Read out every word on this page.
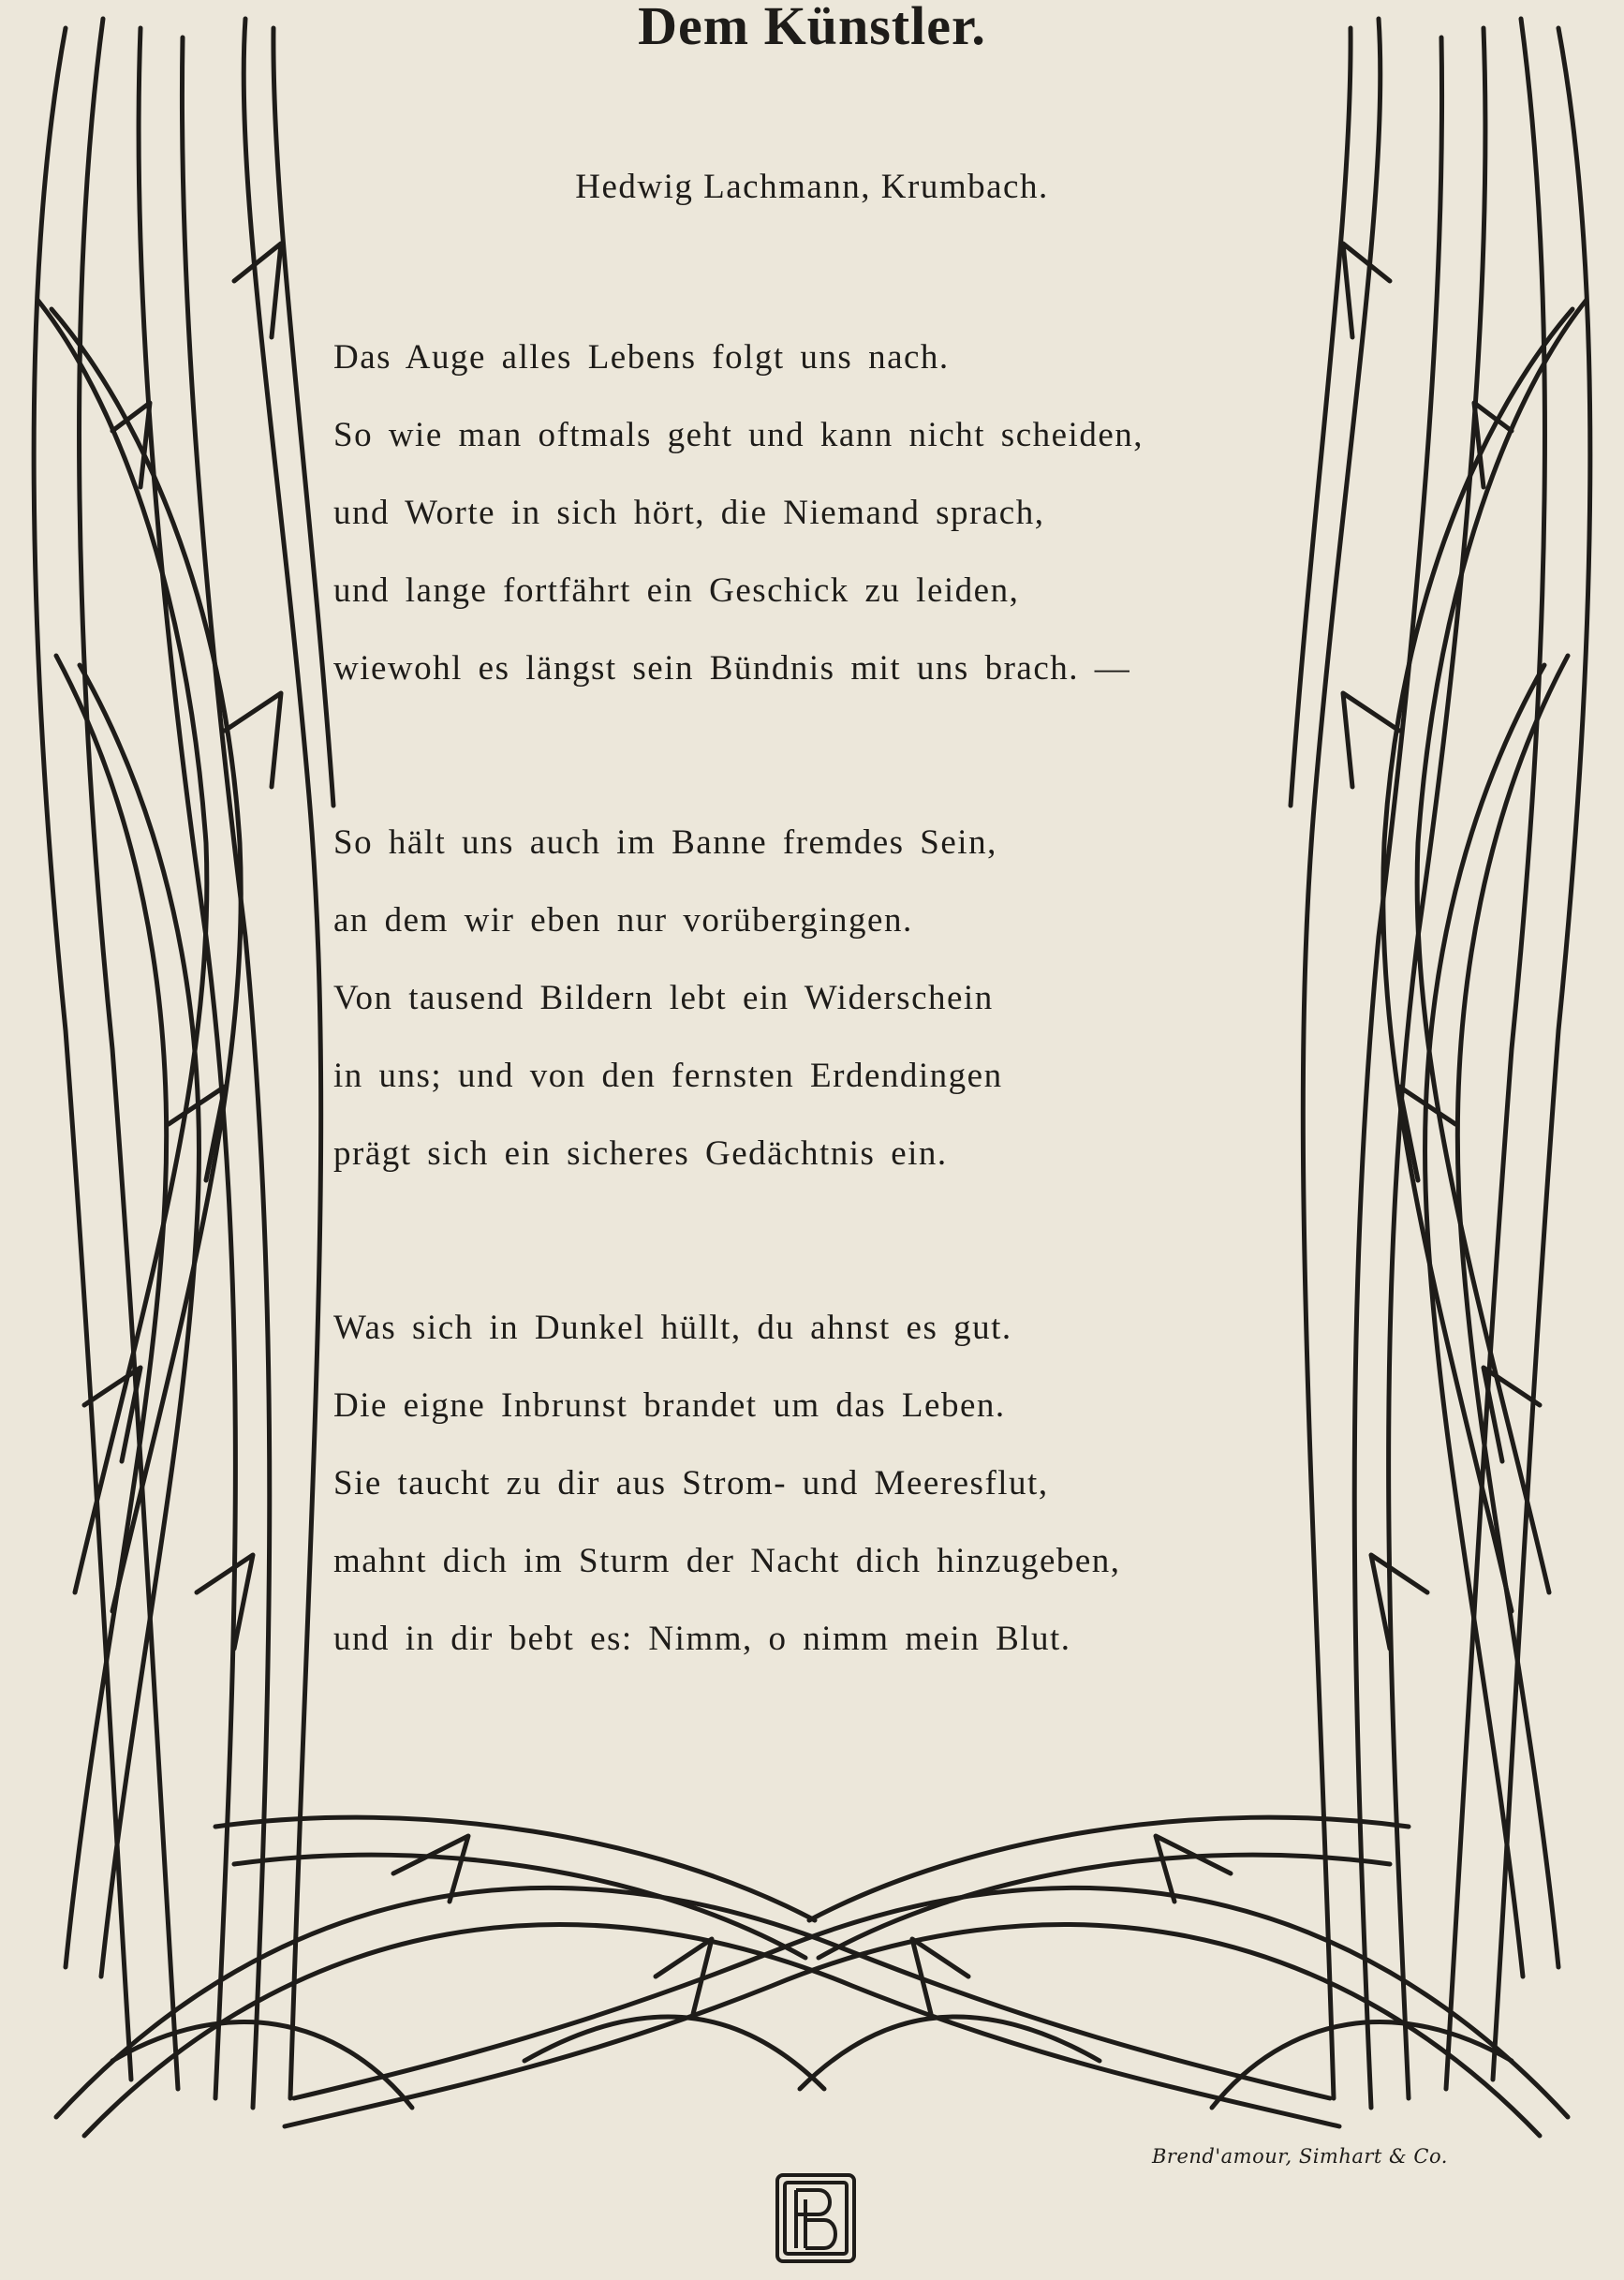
Dem Künstler.

Hedwig Lachmann, Krumbach.

Das Auge alles Lebens folgt uns nach.
So wie man oftmals geht und kann nicht scheiden,
und Worte in sich hört, die Niemand sprach,
und lange fortfährt ein Geschick zu leiden,
wiewohl es längst sein Bündnis mit uns brach. —
So hält uns auch im Banne fremdes Sein,
an dem wir eben nur vorübergingen.
Von tausend Bildern lebt ein Widerschein
in uns; und von den fernsten Erdendingen
prägt sich ein sicheres Gedächtnis ein.
Was sich in Dunkel hüllt, du ahnst es gut.
Die eigne Inbrunst brandet um das Leben.
Sie taucht zu dir aus Strom- und Meeresflut,
mahnt dich im Sturm der Nacht dich hinzugeben,
und in dir bebt es: Nimm, o nimm mein Blut.
Brend'amour, Simhart & Co.
